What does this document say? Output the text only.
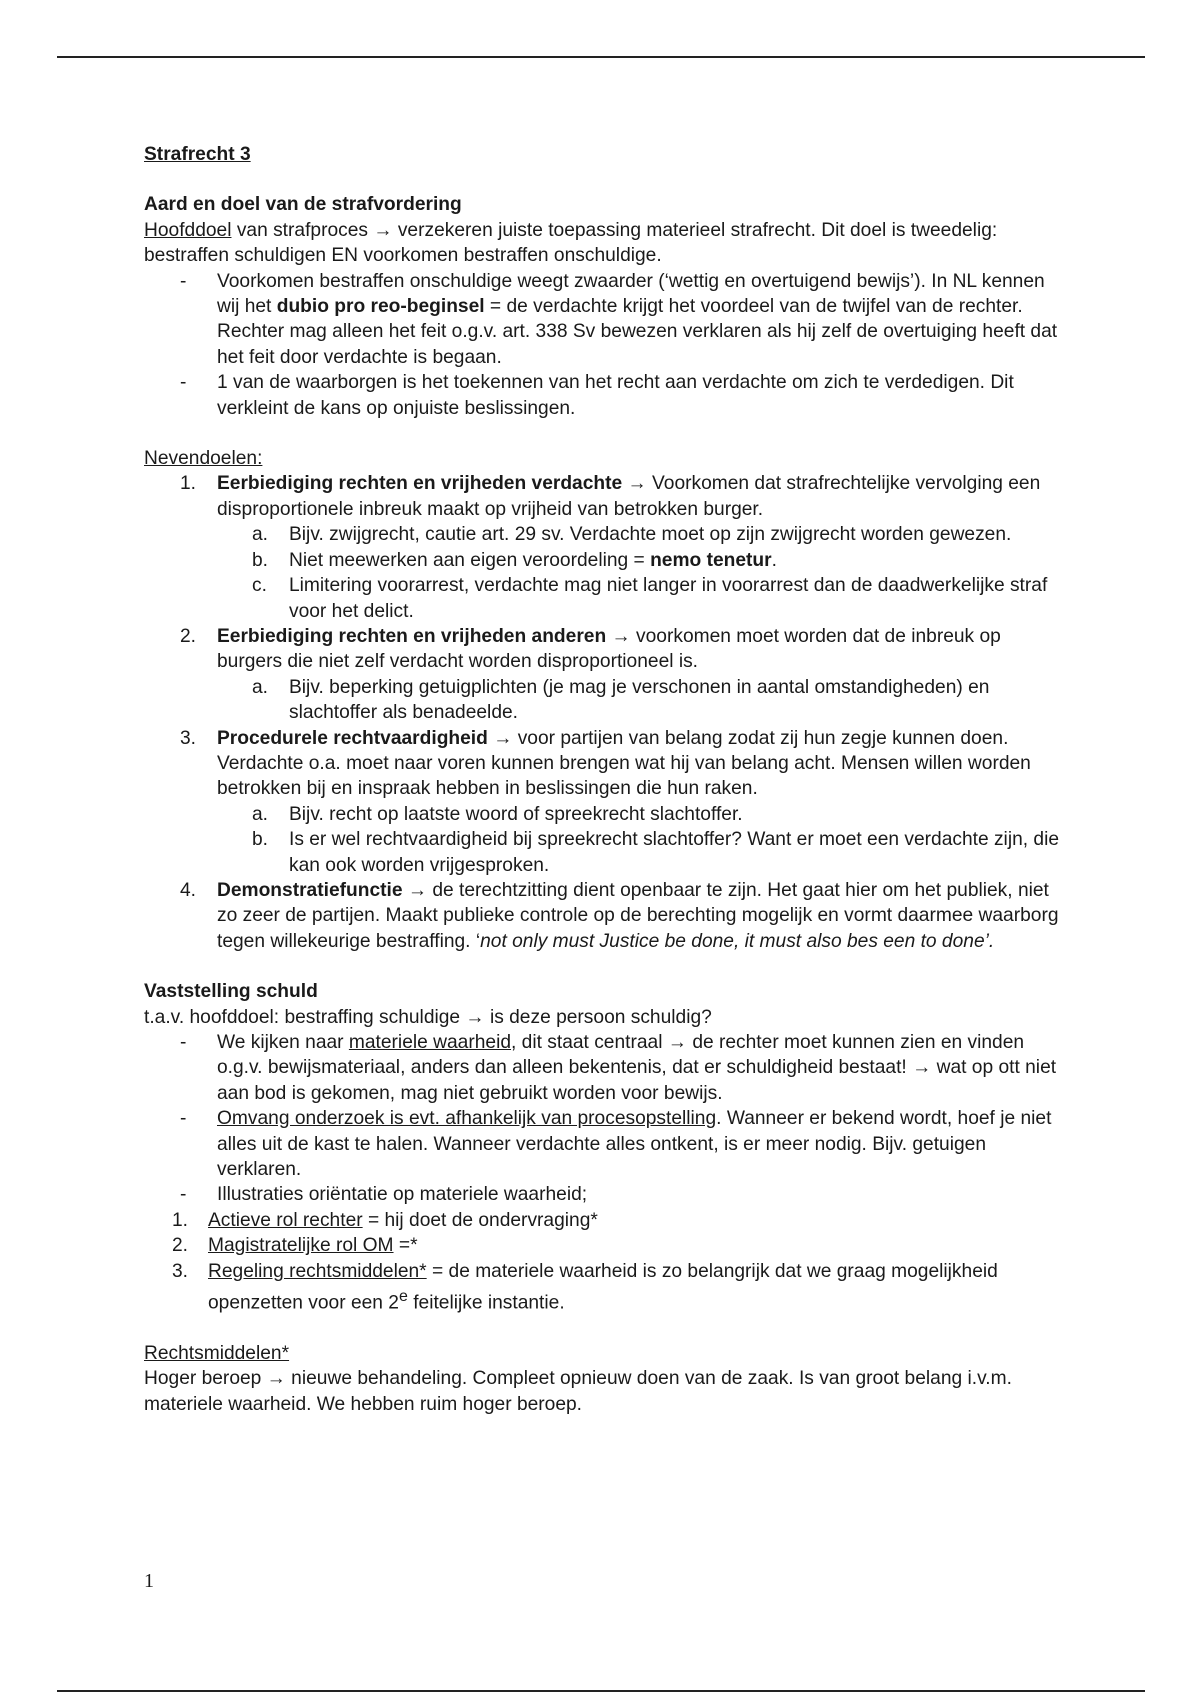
Strafrecht 3

Aard en doel van de strafvordering

Hoofddoel van strafproces → verzekeren juiste toepassing materieel strafrecht. Dit doel is tweedelig: bestraffen schuldigen EN voorkomen bestraffen onschuldige.

- Voorkomen bestraffen onschuldige weegt zwaarder (‘wettig en overtuigend bewijs’). In NL kennen wij het dubio pro reo-beginsel = de verdachte krijgt het voordeel van de twijfel van de rechter. Rechter mag alleen het feit o.g.v. art. 338 Sv bewezen verklaren als hij zelf de overtuiging heeft dat het feit door verdachte is begaan.
- 1 van de waarborgen is het toekennen van het recht aan verdachte om zich te verdedigen. Dit verkleint de kans op onjuiste beslissingen.

Nevendoelen:

1. Eerbiediging rechten en vrijheden verdachte → Voorkomen dat strafrechtelijke vervolging een disproportionele inbreuk maakt op vrijheid van betrokken burger.
a. Bijv. zwijgrecht, cautie art. 29 sv. Verdachte moet op zijn zwijgrecht worden gewezen.
b. Niet meewerken aan eigen veroordeling = nemo tenetur.
c. Limitering voorarrest, verdachte mag niet langer in voorarrest dan de daadwerkelijke straf voor het delict.
2. Eerbiediging rechten en vrijheden anderen → voorkomen moet worden dat de inbreuk op burgers die niet zelf verdacht worden disproportioneel is.
a. Bijv. beperking getuigplichten (je mag je verschonen in aantal omstandigheden) en slachtoffer als benadeelde.
3. Procedurele rechtvaardigheid → voor partijen van belang zodat zij hun zegje kunnen doen. Verdachte o.a. moet naar voren kunnen brengen wat hij van belang acht. Mensen willen worden betrokken bij en inspraak hebben in beslissingen die hun raken.
a. Bijv. recht op laatste woord of spreekrecht slachtoffer.
b. Is er wel rechtvaardigheid bij spreekrecht slachtoffer? Want er moet een verdachte zijn, die kan ook worden vrijgesproken.
4. Demonstratiefunctie → de terechtzitting dient openbaar te zijn. Het gaat hier om het publiek, niet zo zeer de partijen. Maakt publieke controle op de berechting mogelijk en vormt daarmee waarborg tegen willekeurige bestraffing. ‘not only must Justice be done, it must also bes een to done’.

Vaststelling schuld

t.a.v. hoofddoel: bestraffing schuldige → is deze persoon schuldig?

- We kijken naar materiele waarheid, dit staat centraal → de rechter moet kunnen zien en vinden o.g.v. bewijsmateriaal, anders dan alleen bekentenis, dat er schuldigheid bestaat! → wat op ott niet aan bod is gekomen, mag niet gebruikt worden voor bewijs.
- Omvang onderzoek is evt. afhankelijk van procesopstelling. Wanneer er bekend wordt, hoef je niet alles uit de kast te halen. Wanneer verdachte alles ontkent, is er meer nodig. Bijv. getuigen verklaren.
- Illustraties oriëntatie op materiele waarheid;
1. Actieve rol rechter = hij doet de ondervraging*
2. Magistratelijke rol OM =*
3. Regeling rechtsmiddelen* = de materiele waarheid is zo belangrijk dat we graag mogelijkheid openzetten voor een 2e feitelijke instantie.

Rechtsmiddelen*

Hoger beroep → nieuwe behandeling. Compleet opnieuw doen van de zaak. Is van groot belang i.v.m. materiele waarheid. We hebben ruim hoger beroep.

1
